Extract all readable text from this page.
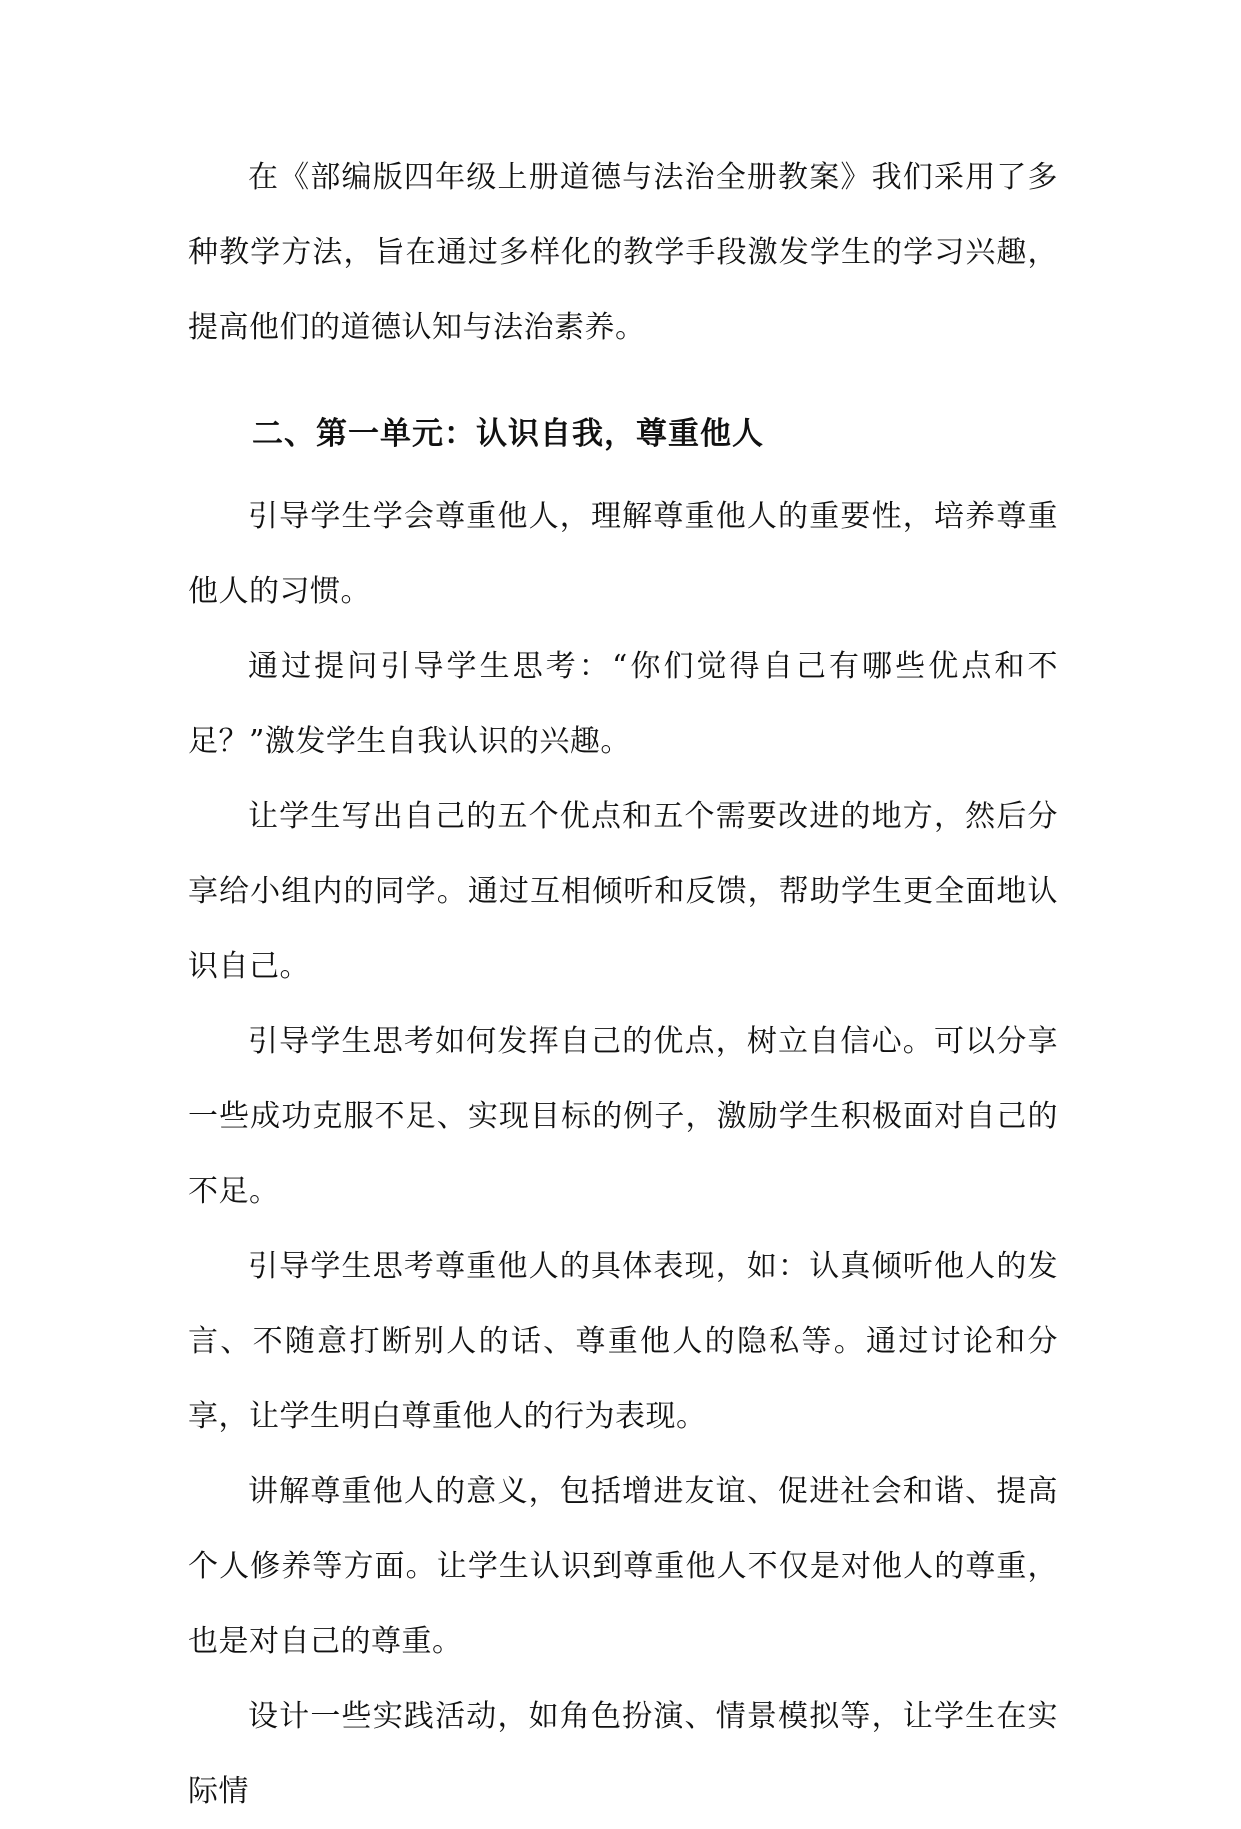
在《部编版四年级上册道德与法治全册教案》我们采用了多种教学方法，旨在通过多样化的教学手段激发学生的学习兴趣，提高他们的道德认知与法治素养。

二、第一单元：认识自我，尊重他人

引导学生学会尊重他人，理解尊重他人的重要性，培养尊重他人的习惯。

通过提问引导学生思考：“你们觉得自己有哪些优点和不足？”激发学生自我认识的兴趣。

让学生写出自己的五个优点和五个需要改进的地方，然后分享给小组内的同学。通过互相倾听和反馈，帮助学生更全面地认识自己。

引导学生思考如何发挥自己的优点，树立自信心。可以分享一些成功克服不足、实现目标的例子，激励学生积极面对自己的不足。

引导学生思考尊重他人的具体表现，如：认真倾听他人的发言、不随意打断别人的话、尊重他人的隐私等。通过讨论和分享，让学生明白尊重他人的行为表现。

讲解尊重他人的意义，包括增进友谊、促进社会和谐、提高个人修养等方面。让学生认识到尊重他人不仅是对他人的尊重，也是对自己的尊重。

设计一些实践活动，如角色扮演、情景模拟等，让学生在实际情
